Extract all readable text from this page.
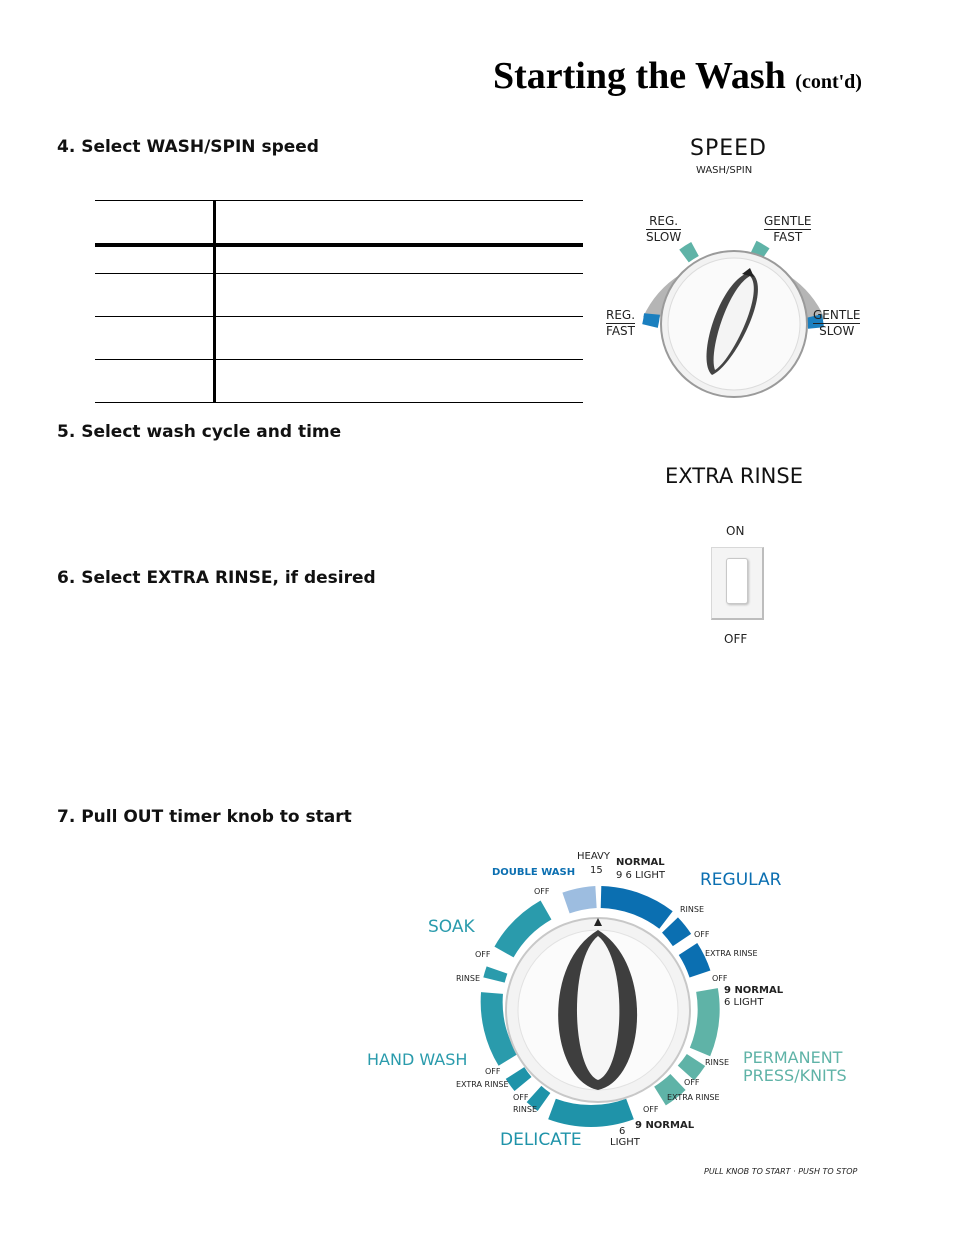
Starting the Wash (cont'd)
4. Select WASH/SPIN speed
5. Select wash cycle and time
6. Select EXTRA RINSE, if desired
7. Pull OUT timer knob to start

SPEED
WASH/SPIN
REG.
SLOW
GENTLE
FAST
REG.
FAST
GENTLE
SLOW
EXTRA RINSE
ON
OFF
DOUBLE WASH
HEAVY
15
NORMAL
9 6 LIGHT
OFF
REGULAR
RINSE
OFF
EXTRA RINSE
OFF
9 NORMAL
6 LIGHT
PERMANENT
PRESS/KNITS
RINSE
OFF
EXTRA RINSE
OFF
9 NORMAL
6
LIGHT
DELICATE
RINSE
OFF
EXTRA RINSE
OFF
HAND WASH
RINSE
OFF
SOAK
PULL KNOB TO START · PUSH TO STOP
